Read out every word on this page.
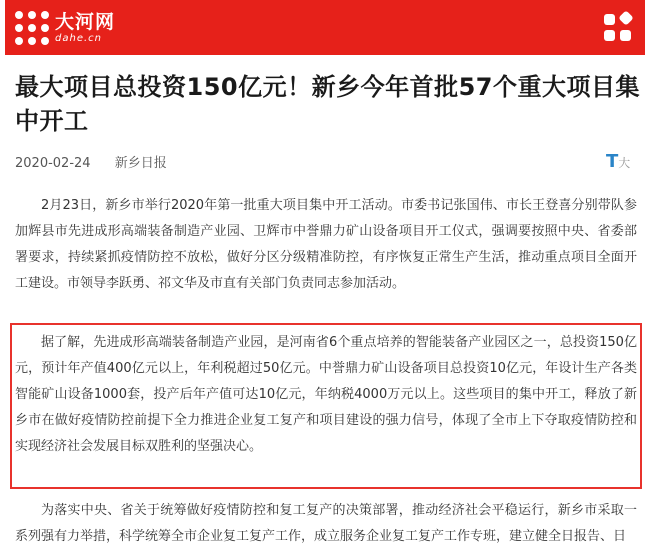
大河网
dahe.cn
最大项目总投资150亿元！新乡今年首批57个重大项目集中开工
2020-02-24 新乡日报	T大

2月23日，新乡市举行2020年第一批重大项目集中开工活动。市委书记张国伟、市长王登喜分别带队参加辉县市先进成形高端装备制造产业园、卫辉市中誉鼎力矿山设备项目开工仪式，强调要按照中央、省委部署要求，持续紧抓疫情防控不放松，做好分区分级精准防控，有序恢复正常生产生活，推动重点项目全面开工建设。市领导李跃勇、祁文华及市直有关部门负责同志参加活动。

据了解，先进成形高端装备制造产业园，是河南省6个重点培养的智能装备产业园区之一，总投资150亿元，预计年产值400亿元以上，年利税超过50亿元。中誉鼎力矿山设备项目总投资10亿元，年设计生产各类智能矿山设备1000套，投产后年产值可达10亿元，年纳税4000万元以上。这些项目的集中开工，释放了新乡市在做好疫情防控前提下全力推进企业复工复产和项目建设的强力信号，体现了全市上下夺取疫情防控和实现经济社会发展目标双胜利的坚强决心。

为落实中央、省关于统筹做好疫情防控和复工复产的决策部署，推动经济社会平稳运行，新乡市采取一系列强有力举措，科学统筹全市企业复工复产工作，成立服务企业复工复产工作专班，建立健全日报告、日
